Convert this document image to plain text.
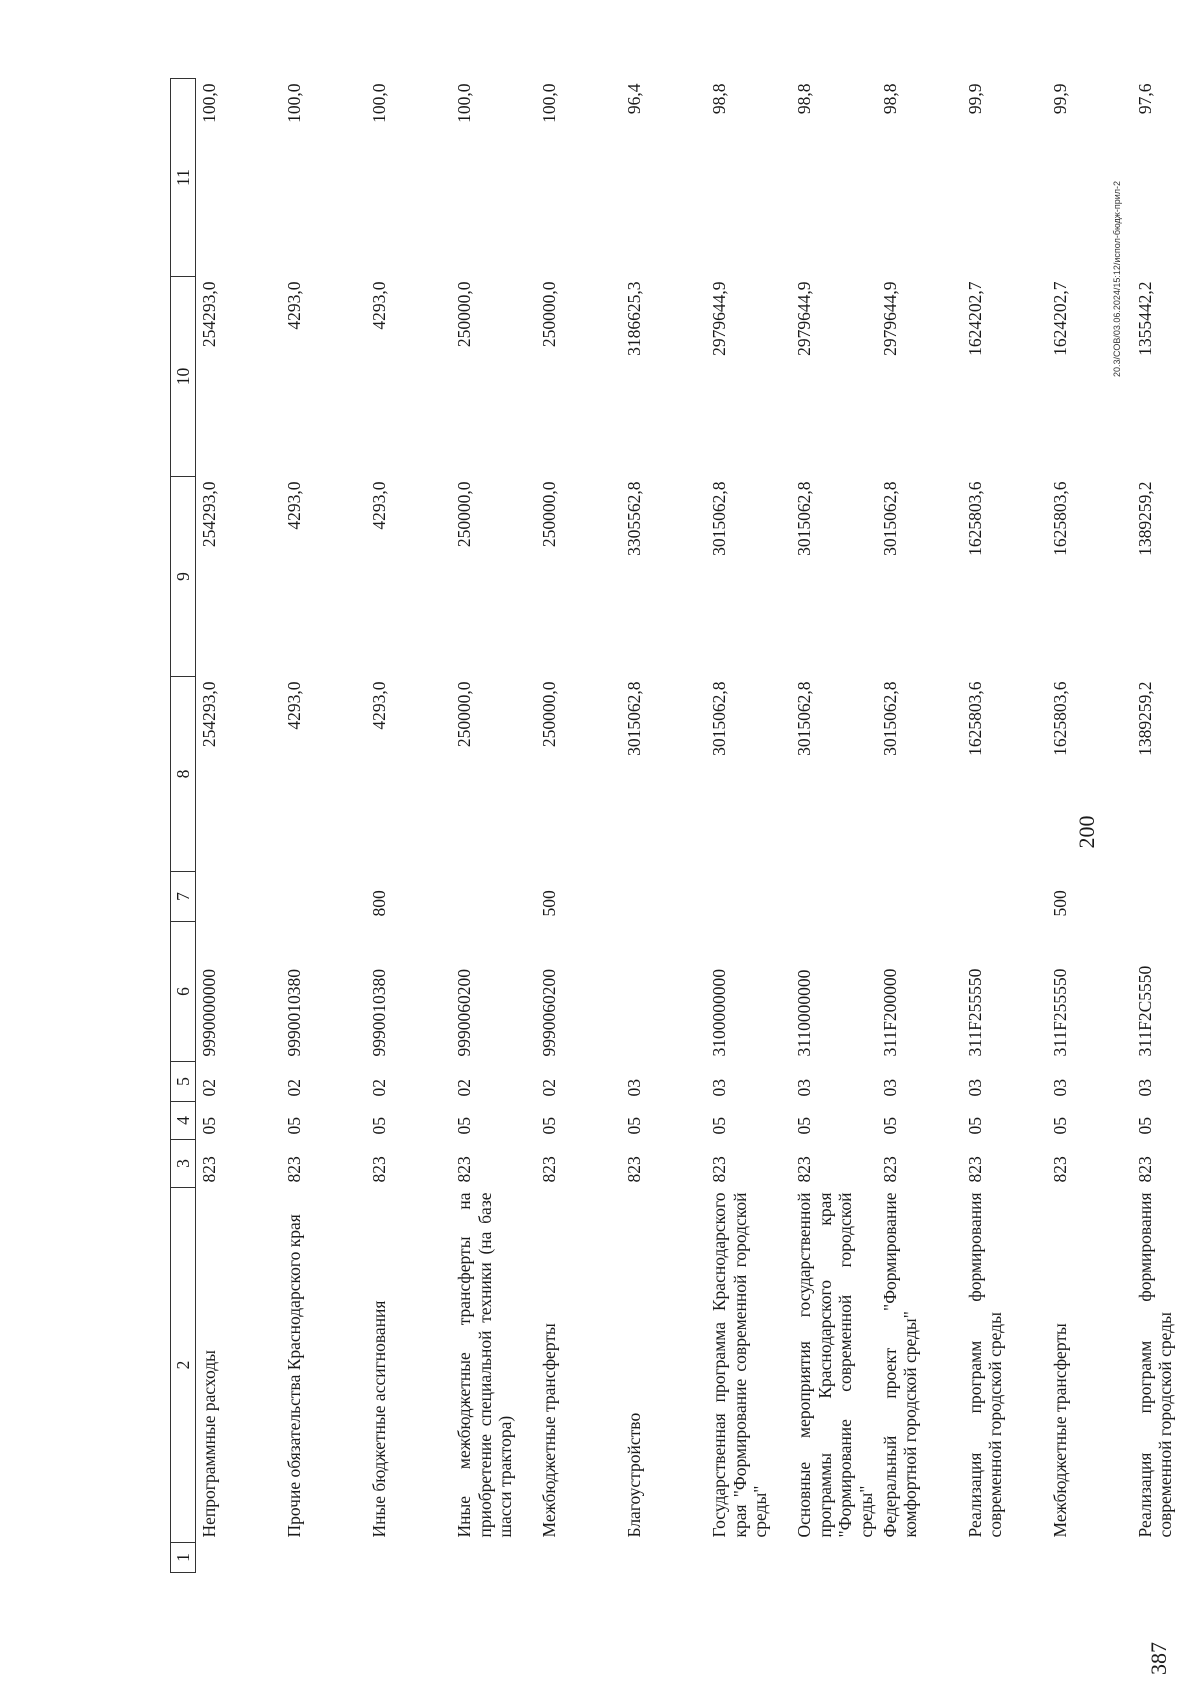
200
1	2	3	4	5	6	7	8	9	10	11
	Непрограммные расходы	823	05	02	9990000000		254293,0	254293,0	254293,0	100,0
	Прочие обязательства Краснодарского края	823	05	02	9990010380		4293,0	4293,0	4293,0	100,0
	Иные бюджетные ассигнования	823	05	02	9990010380	800	4293,0	4293,0	4293,0	100,0
	Иные межбюджетные трансферты на приобретение специальной техники (на базе шасси трактора)	823	05	02	9990060200		250000,0	250000,0	250000,0	100,0
	Межбюджетные трансферты	823	05	02	9990060200	500	250000,0	250000,0	250000,0	100,0
	Благоустройство	823	05	03			3015062,8	3305562,8	3186625,3	96,4
	Государственная программа Краснодарского края "Формирование современной городской среды"	823	05	03	3100000000		3015062,8	3015062,8	2979644,9	98,8
	Основные мероприятия государственной программы Краснодарского края "Формирование современной городской среды"	823	05	03	3110000000		3015062,8	3015062,8	2979644,9	98,8
	Федеральный проект "Формирование комфортной городской среды"	823	05	03	311F200000		3015062,8	3015062,8	2979644,9	98,8
	Реализация программ формирования современной городской среды	823	05	03	311F255550		1625803,6	1625803,6	1624202,7	99,9
	Межбюджетные трансферты	823	05	03	311F255550	500	1625803,6	1625803,6	1624202,7	99,9
	Реализация программ формирования современной городской среды	823	05	03	311F2C5550		1389259,2	1389259,2	1355442,2	97,6
20.3/СОВ/03.06.2024/15:12/испол-бюдж-прил-2
387
